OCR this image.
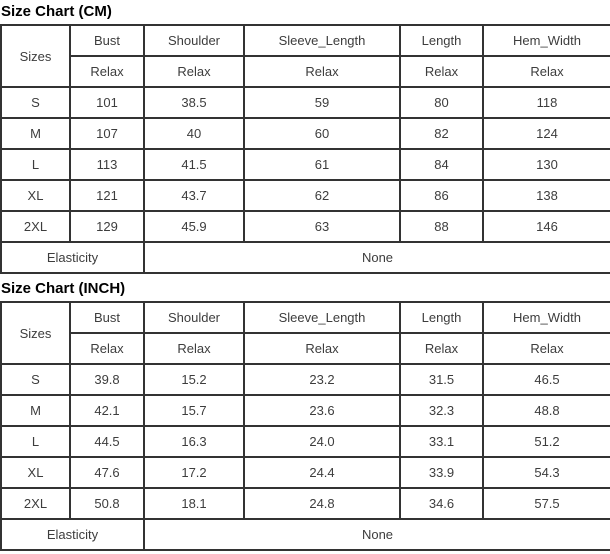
Size Chart (CM)
Sizes	Bust	Shoulder	Sleeve_Length	Length	Hem_Width
	Relax	Relax	Relax	Relax	Relax
S	101	38.5	59	80	118
M	107	40	60	82	124
L	113	41.5	61	84	130
XL	121	43.7	62	86	138
2XL	129	45.9	63	88	146
Elasticity		None			
Size Chart (INCH)
Sizes	Bust	Shoulder	Sleeve_Length	Length	Hem_Width
	Relax	Relax	Relax	Relax	Relax
S	39.8	15.2	23.2	31.5	46.5
M	42.1	15.7	23.6	32.3	48.8
L	44.5	16.3	24.0	33.1	51.2
XL	47.6	17.2	24.4	33.9	54.3
2XL	50.8	18.1	24.8	34.6	57.5
Elasticity		None			
